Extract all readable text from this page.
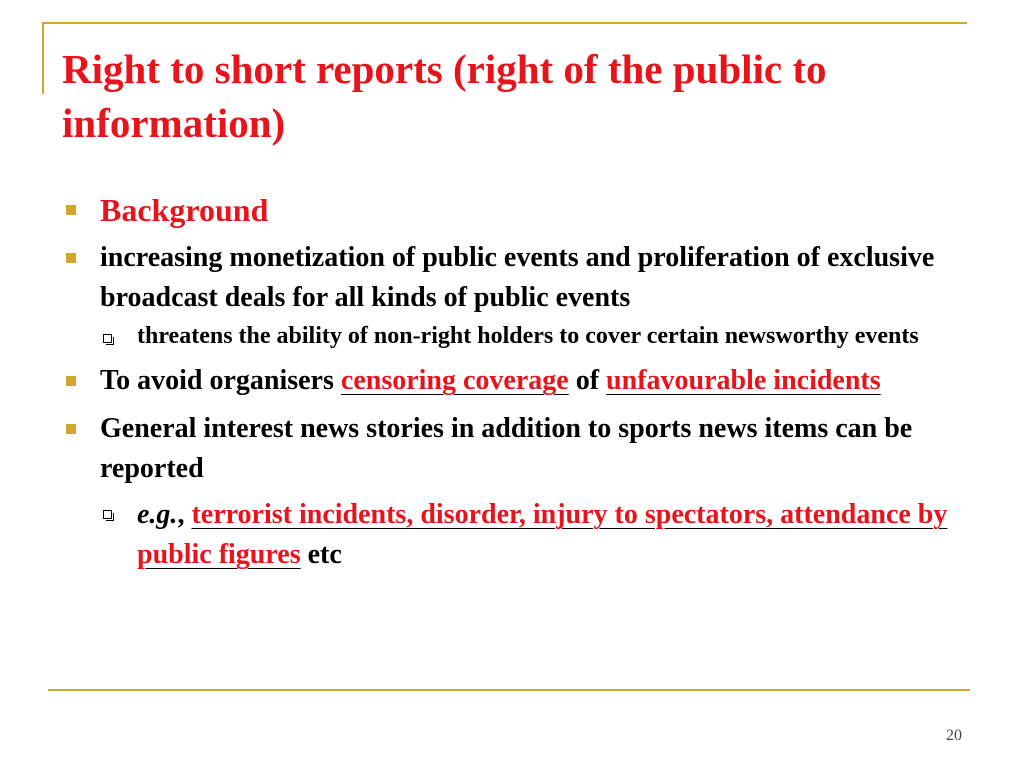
Right to short reports (right of the public to information)
Background
increasing monetization of public events and proliferation of exclusive broadcast deals for all kinds of public events
threatens the ability of non-right holders to cover certain newsworthy events
To avoid organisers censoring coverage of unfavourable incidents
General interest news stories in addition to sports news items can be reported
e.g., terrorist incidents, disorder, injury to spectators, attendance by public figures etc
20
